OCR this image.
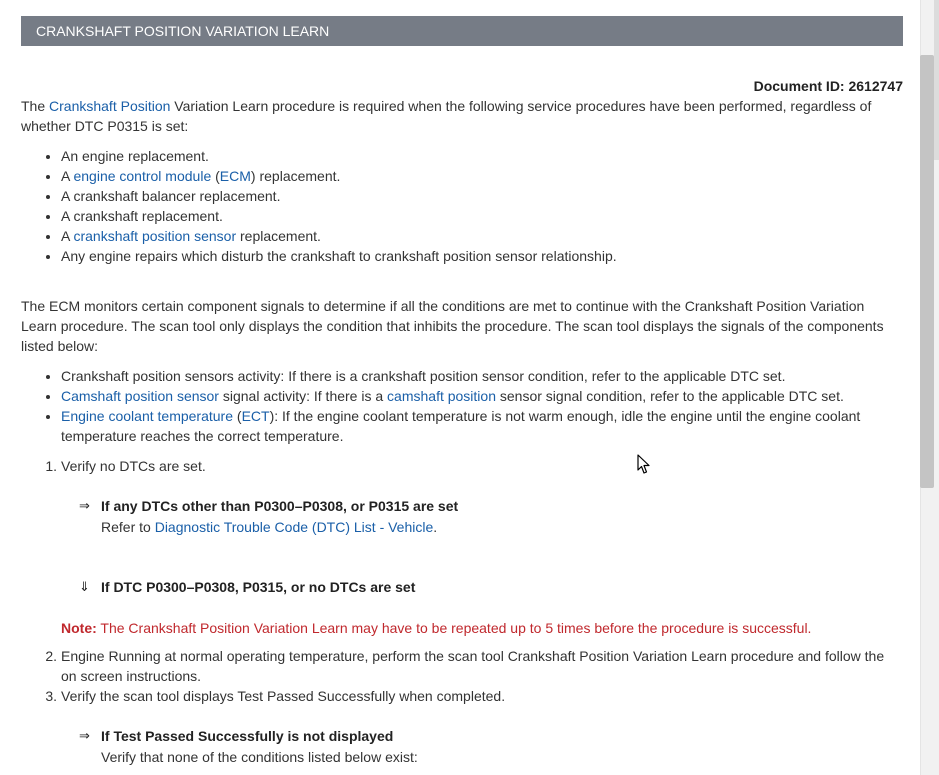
CRANKSHAFT POSITION VARIATION LEARN
Document ID: 2612747
The Crankshaft Position Variation Learn procedure is required when the following service procedures have been performed, regardless of whether DTC P0315 is set:
• An engine replacement.
• A engine control module (ECM) replacement.
• A crankshaft balancer replacement.
• A crankshaft replacement.
• A crankshaft position sensor replacement.
• Any engine repairs which disturb the crankshaft to crankshaft position sensor relationship.
The ECM monitors certain component signals to determine if all the conditions are met to continue with the Crankshaft Position Variation Learn procedure. The scan tool only displays the condition that inhibits the procedure. The scan tool displays the signals of the components listed below:
• Crankshaft position sensors activity: If there is a crankshaft position sensor condition, refer to the applicable DTC set.
• Camshaft position sensor signal activity: If there is a camshaft position sensor signal condition, refer to the applicable DTC set.
• Engine coolant temperature (ECT): If the engine coolant temperature is not warm enough, idle the engine until the engine coolant temperature reaches the correct temperature.
1. Verify no DTCs are set.
⇒ If any DTCs other than P0300–P0308, or P0315 are set
Refer to Diagnostic Trouble Code (DTC) List - Vehicle.
⇓ If DTC P0300–P0308, P0315, or no DTCs are set
Note: The Crankshaft Position Variation Learn may have to be repeated up to 5 times before the procedure is successful.
2. Engine Running at normal operating temperature, perform the scan tool Crankshaft Position Variation Learn procedure and follow the on screen instructions.
3. Verify the scan tool displays Test Passed Successfully when completed.
⇒ If Test Passed Successfully is not displayed
Verify that none of the conditions listed below exist:
